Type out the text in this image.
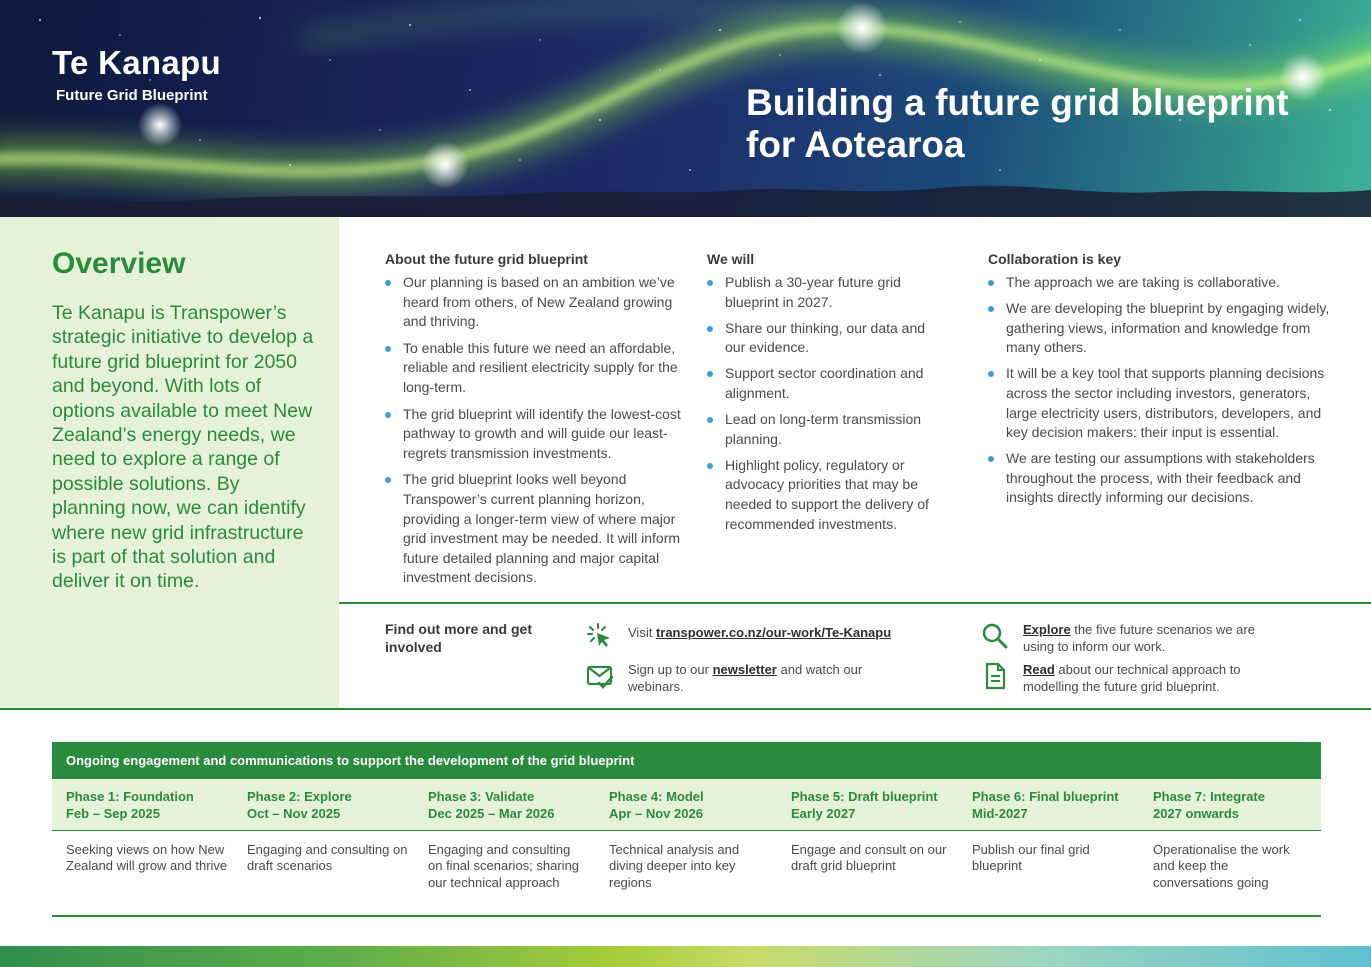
Te Kanapu
Future Grid Blueprint	Building a future grid blueprint for Aotearoa
Overview
Te Kanapu is Transpower’s strategic initiative to develop a future grid blueprint for 2050 and beyond. With lots of options available to meet New Zealand’s energy needs, we need to explore a range of possible solutions. By planning now, we can identify where new grid infrastructure is part of that solution and deliver it on time.
About the future grid blueprint
Our planning is based on an ambition we’ve heard from others, of New Zealand growing and thriving.
To enable this future we need an affordable, reliable and resilient electricity supply for the long-term.
The grid blueprint will identify the lowest-cost pathway to growth and will guide our least-regrets transmission investments.
The grid blueprint looks well beyond Transpower’s current planning horizon, providing a longer-term view of where major grid investment may be needed. It will inform future detailed planning and major capital investment decisions.
We will
Publish a 30-year future grid blueprint in 2027.
Share our thinking, our data and our evidence.
Support sector coordination and alignment.
Lead on long-term transmission planning.
Highlight policy, regulatory or advocacy priorities that may be needed to support the delivery of recommended investments.
Collaboration is key
The approach we are taking is collaborative.
We are developing the blueprint by engaging widely, gathering views, information and knowledge from many others.
It will be a key tool that supports planning decisions across the sector including investors, generators, large electricity users, distributors, developers, and key decision makers: their input is essential.
We are testing our assumptions with stakeholders throughout the process, with their feedback and insights directly informing our decisions.
Find out more and get involved
Visit transpower.co.nz/our-work/Te-Kanapu
Sign up to our newsletter and watch our webinars.
Explore the five future scenarios we are using to inform our work.
Read about our technical approach to modelling the future grid blueprint.
Ongoing engagement and communications to support the development of the grid blueprint
Phase 1: Foundation
Feb – Sep 2025
Phase 2: Explore
Oct – Nov 2025
Phase 3: Validate
Dec 2025 – Mar 2026
Phase 4: Model
Apr – Nov 2026
Phase 5: Draft blueprint
Early 2027
Phase 6: Final blueprint
Mid-2027
Phase 7: Integrate
2027 onwards
Seeking views on how New Zealand will grow and thrive
Engaging and consulting on draft scenarios
Engaging and consulting on final scenarios; sharing our technical approach
Technical analysis and diving deeper into key regions
Engage and consult on our draft grid blueprint
Publish our final grid blueprint
Operationalise the work and keep the conversations going
